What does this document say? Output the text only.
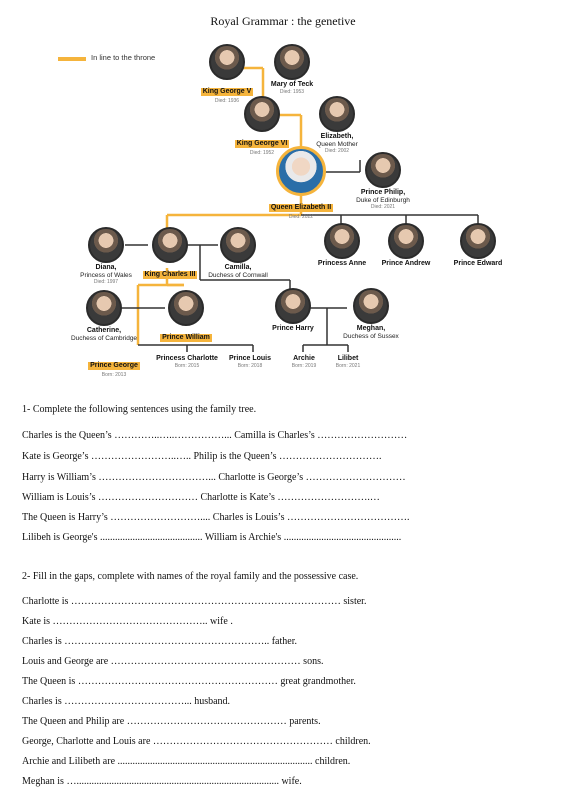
Royal Grammar : the genetive
In line to the throne
King George V
Died: 1936
Mary of Teck
Died: 1953
King George VI
Died: 1952
Elizabeth,
Queen Mother
Died: 2002
Queen Elizabeth II
Died: 2022
Prince Philip,
Duke of Edinburgh
Died: 2021
Diana,
Princess of Wales
Died: 1997
King Charles III
Camilla,
Duchess of Cornwall
Princess Anne	Prince Andrew	Prince Edward
Catherine,
Duchess of Cambridge	Prince William
Prince Harry	Meghan,
Duchess of Sussex
Prince George
Born: 2013
Princess Charlotte
Born: 2015
Prince Louis
Born: 2018
Archie
Born: 2019
Lilibet
Born: 2021
1- Complete the following sentences using the family tree.
Charles is the Queen’s …………..…..……………... Camilla is Charles’s ………………………
Kate is George’s ……………………..….. Philip is the Queen’s ………………………….
Harry is William’s ……………………………... Charlotte is George’s …………………………
William is Louis’s ………………………… Charlotte is Kate’s ……………………….…
The Queen is Harry’s ……………………….... Charles is Louis’s ……………………………….
Lilibeh is George's ......................................... William is Archie's ...............................................
2- Fill in the gaps, complete with names of the royal family and the possessive case.
Charlotte is ……………………………………………………………………… sister.
Kate is ……………………………………….. wife .
Charles is …………………………………………………….. father.
Louis and George are ………………………………………………… sons.
The Queen is …………………………………………………… great grandmother.
Charles is ………………………………... husband.
The Queen and Philip are ………………………………………… parents.
George, Charlotte and Louis are ……………………………………………… children.
Archie and Lilibeth are .............................................................................. children.
Meghan is …................................................................................. wife.
